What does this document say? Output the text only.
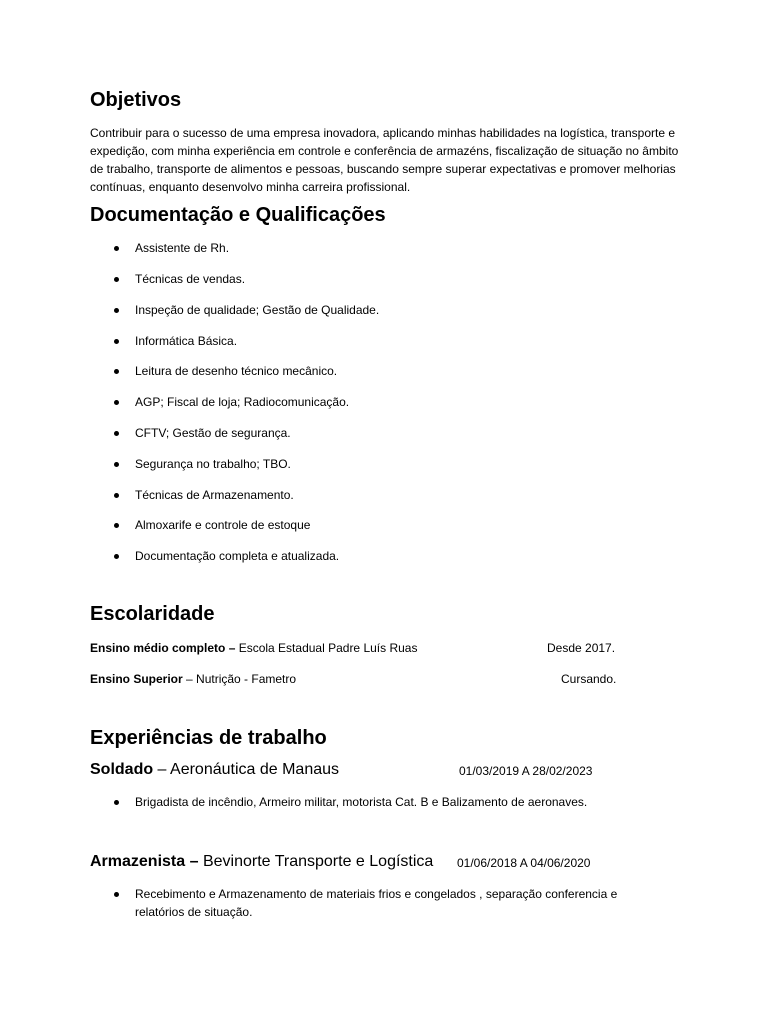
Objetivos
Contribuir para o sucesso de uma empresa inovadora, aplicando minhas habilidades na logística, transporte e expedição, com minha experiência em controle e conferência de armazéns, fiscalização de situação no âmbito de trabalho, transporte de alimentos e pessoas, buscando sempre superar expectativas e promover melhorias contínuas, enquanto desenvolvo minha carreira profissional.
Documentação e Qualificações
Assistente de Rh.
Técnicas de vendas.
Inspeção de qualidade; Gestão de Qualidade.
Informática Básica.
Leitura de desenho técnico mecânico.
AGP; Fiscal de loja; Radiocomunicação.
CFTV; Gestão de segurança.
Segurança no trabalho; TBO.
Técnicas de Armazenamento.
Almoxarife e controle de estoque
Documentação completa e atualizada.
Escolaridade
Ensino médio completo – Escola Estadual Padre Luís Ruas	Desde 2017.
Ensino Superior – Nutrição - Fametro	Cursando.
Experiências de trabalho
Soldado – Aeronáutica de Manaus	01/03/2019 A 28/02/2023
Brigadista de incêndio, Armeiro militar, motorista Cat. B e Balizamento de aeronaves.
Armazenista – Bevinorte Transporte e Logística 01/06/2018 A 04/06/2020
Recebimento e Armazenamento de materiais frios e congelados , separação conferencia e relatórios de situação.
